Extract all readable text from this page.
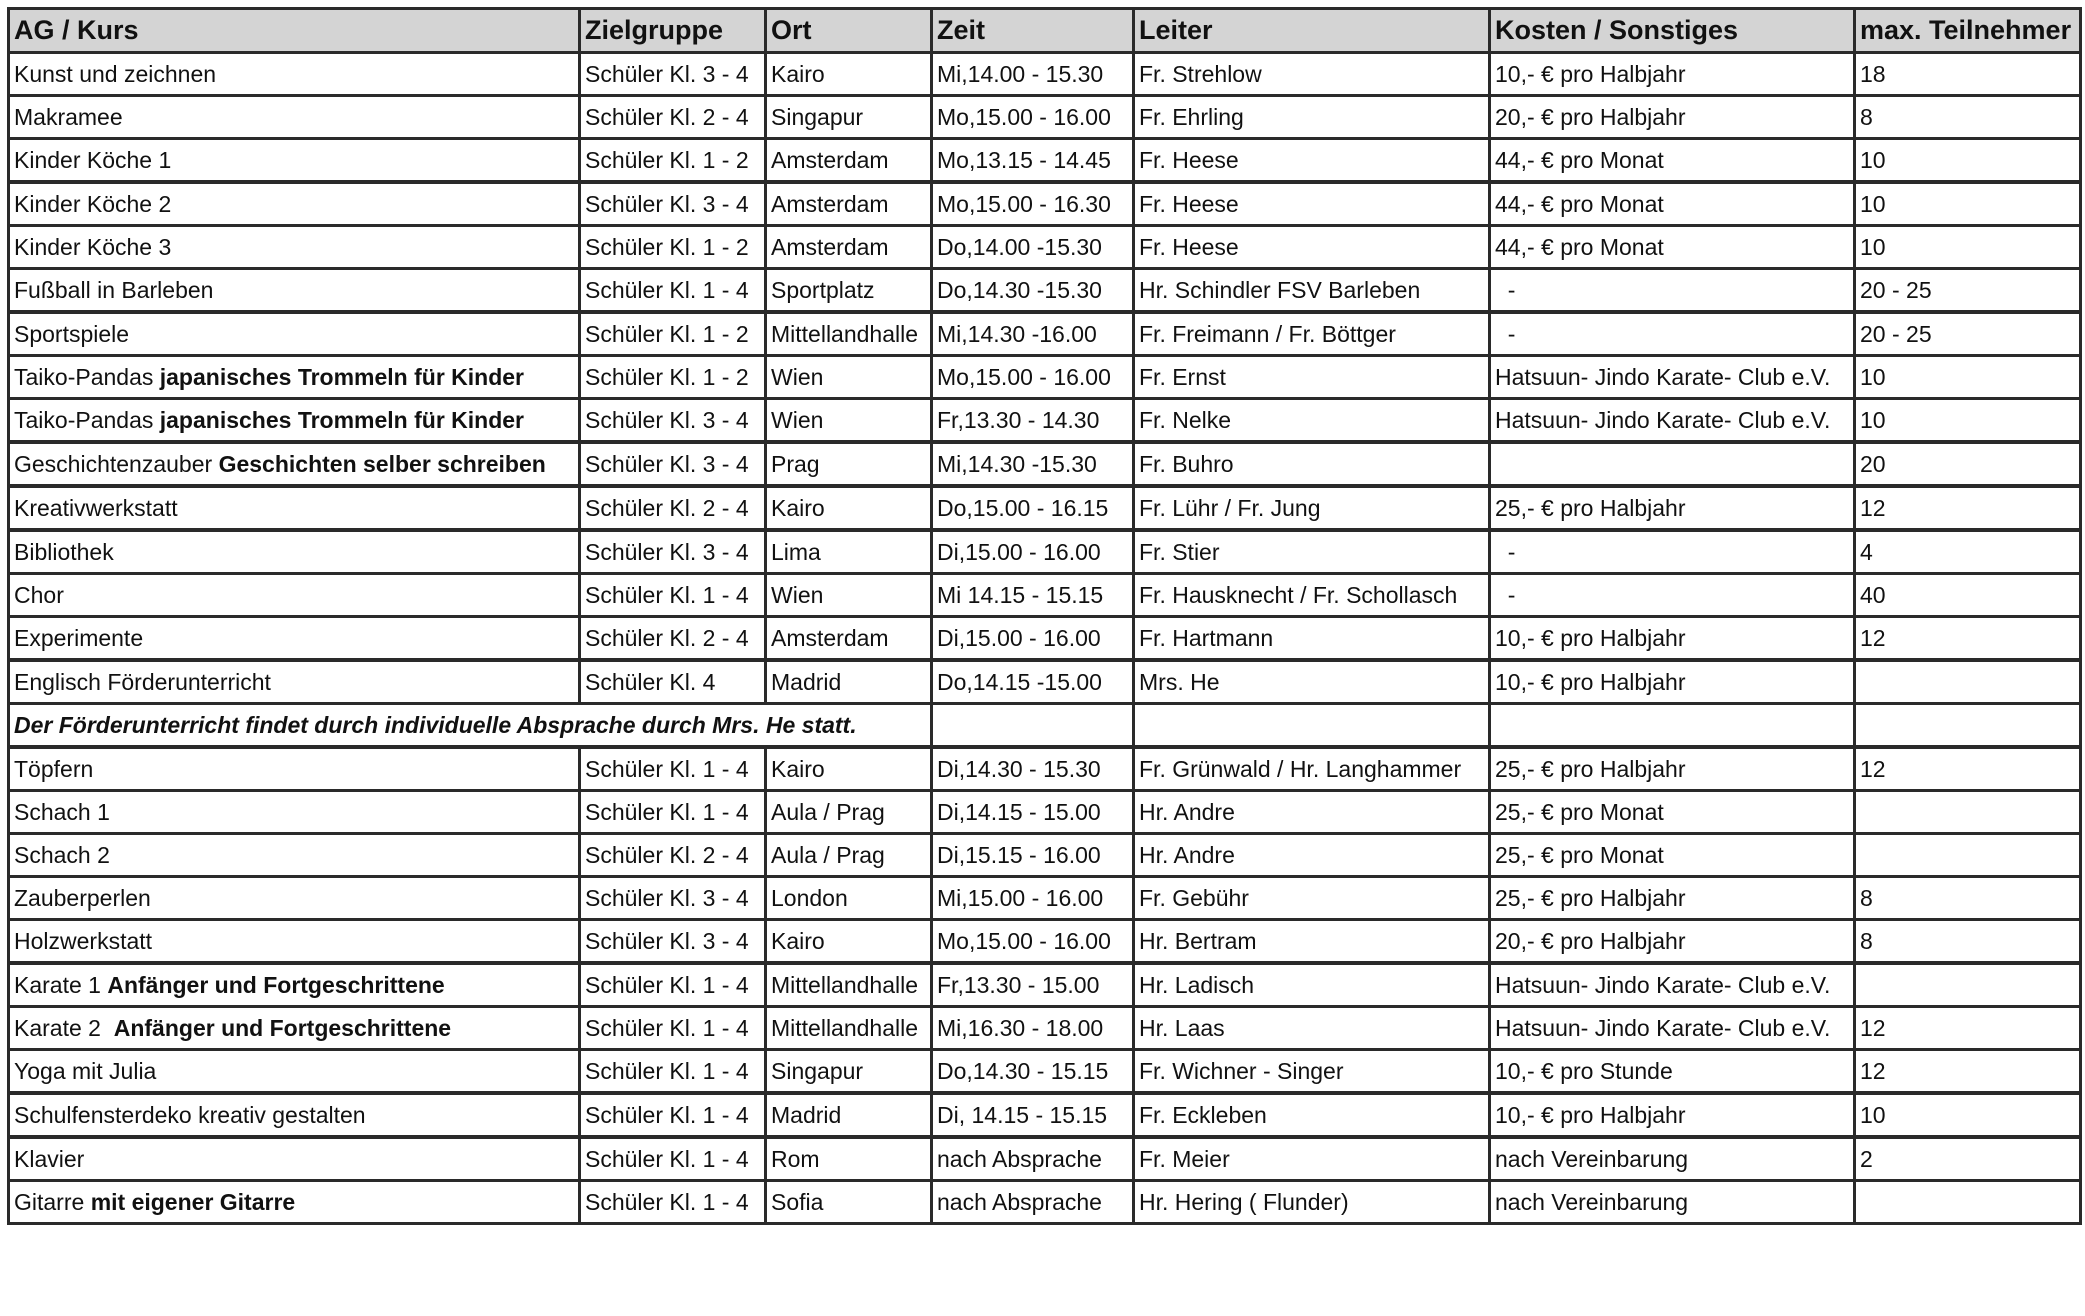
AG / Kurs	Zielgruppe	Ort	Zeit	Leiter	Kosten / Sonstiges	max. Teilnehmer
Kunst und zeichnen	Schüler Kl. 3 - 4	Kairo	Mi,14.00 - 15.30	Fr. Strehlow	10,- € pro Halbjahr	18
Makramee	Schüler Kl. 2 - 4	Singapur	Mo,15.00 - 16.00	Fr. Ehrling	20,- € pro Halbjahr	8
Kinder Köche 1	Schüler Kl. 1 - 2	Amsterdam	Mo,13.15 - 14.45	Fr. Heese	44,- € pro Monat	10
Kinder Köche 2	Schüler Kl. 3 - 4	Amsterdam	Mo,15.00 - 16.30	Fr. Heese	44,- € pro Monat	10
Kinder Köche 3	Schüler Kl. 1 - 2	Amsterdam	Do,14.00 -15.30	Fr. Heese	44,- € pro Monat	10
Fußball in Barleben	Schüler Kl. 1 - 4	Sportplatz	Do,14.30 -15.30	Hr. Schindler FSV Barleben	-	20 - 25
Sportspiele	Schüler Kl. 1 - 2	Mittellandhalle	Mi,14.30 -16.00	Fr. Freimann / Fr. Böttger	-	20 - 25
Taiko-Pandas japanisches Trommeln für Kinder	Schüler Kl. 1 - 2	Wien	Mo,15.00 - 16.00	Fr. Ernst	Hatsuun- Jindo Karate- Club e.V.	10
Taiko-Pandas japanisches Trommeln für Kinder	Schüler Kl. 3 - 4	Wien	Fr,13.30 - 14.30	Fr. Nelke	Hatsuun- Jindo Karate- Club e.V.	10
Geschichtenzauber Geschichten selber schreiben	Schüler Kl. 3 - 4	Prag	Mi,14.30 -15.30	Fr. Buhro		20
Kreativwerkstatt	Schüler Kl. 2 - 4	Kairo	Do,15.00 - 16.15	Fr. Lühr / Fr. Jung	25,- € pro Halbjahr	12
Bibliothek	Schüler Kl. 3 - 4	Lima	Di,15.00 - 16.00	Fr. Stier	-	4
Chor	Schüler Kl. 1 - 4	Wien	Mi 14.15 - 15.15	Fr. Hausknecht / Fr. Schollasch	-	40
Experimente	Schüler Kl. 2 - 4	Amsterdam	Di,15.00 - 16.00	Fr. Hartmann	10,- € pro Halbjahr	12
Englisch Förderunterricht	Schüler Kl. 4	Madrid	Do,14.15 -15.00	Mrs. He	10,- € pro Halbjahr	
Der Förderunterricht findet durch individuelle Absprache durch Mrs. He statt.						
Töpfern	Schüler Kl. 1 - 4	Kairo	Di,14.30 - 15.30	Fr. Grünwald / Hr. Langhammer	25,- € pro Halbjahr	12
Schach 1	Schüler Kl. 1 - 4	Aula / Prag	Di,14.15 - 15.00	Hr. Andre	25,- € pro Monat	
Schach 2	Schüler Kl. 2 - 4	Aula / Prag	Di,15.15 - 16.00	Hr. Andre	25,- € pro Monat	
Zauberperlen	Schüler Kl. 3 - 4	London	Mi,15.00 - 16.00	Fr. Gebühr	25,- € pro Halbjahr	8
Holzwerkstatt	Schüler Kl. 3 - 4	Kairo	Mo,15.00 - 16.00	Hr. Bertram	20,- € pro Halbjahr	8
Karate 1 Anfänger und Fortgeschrittene	Schüler Kl. 1 - 4	Mittellandhalle	Fr,13.30 - 15.00	Hr. Ladisch	Hatsuun- Jindo Karate- Club e.V.	
Karate 2  Anfänger und Fortgeschrittene	Schüler Kl. 1 - 4	Mittellandhalle	Mi,16.30 - 18.00	Hr. Laas	Hatsuun- Jindo Karate- Club e.V.	12
Yoga mit Julia	Schüler Kl. 1 - 4	Singapur	Do,14.30 - 15.15	Fr. Wichner - Singer	10,- € pro Stunde	12
Schulfensterdeko kreativ gestalten	Schüler Kl. 1 - 4	Madrid	Di, 14.15 - 15.15	Fr. Eckleben	10,- € pro Halbjahr	10
Klavier	Schüler Kl. 1 - 4	Rom	nach Absprache	Fr. Meier	nach Vereinbarung	2
Gitarre mit eigener Gitarre	Schüler Kl. 1 - 4	Sofia	nach Absprache	Hr. Hering ( Flunder)	nach Vereinbarung	
